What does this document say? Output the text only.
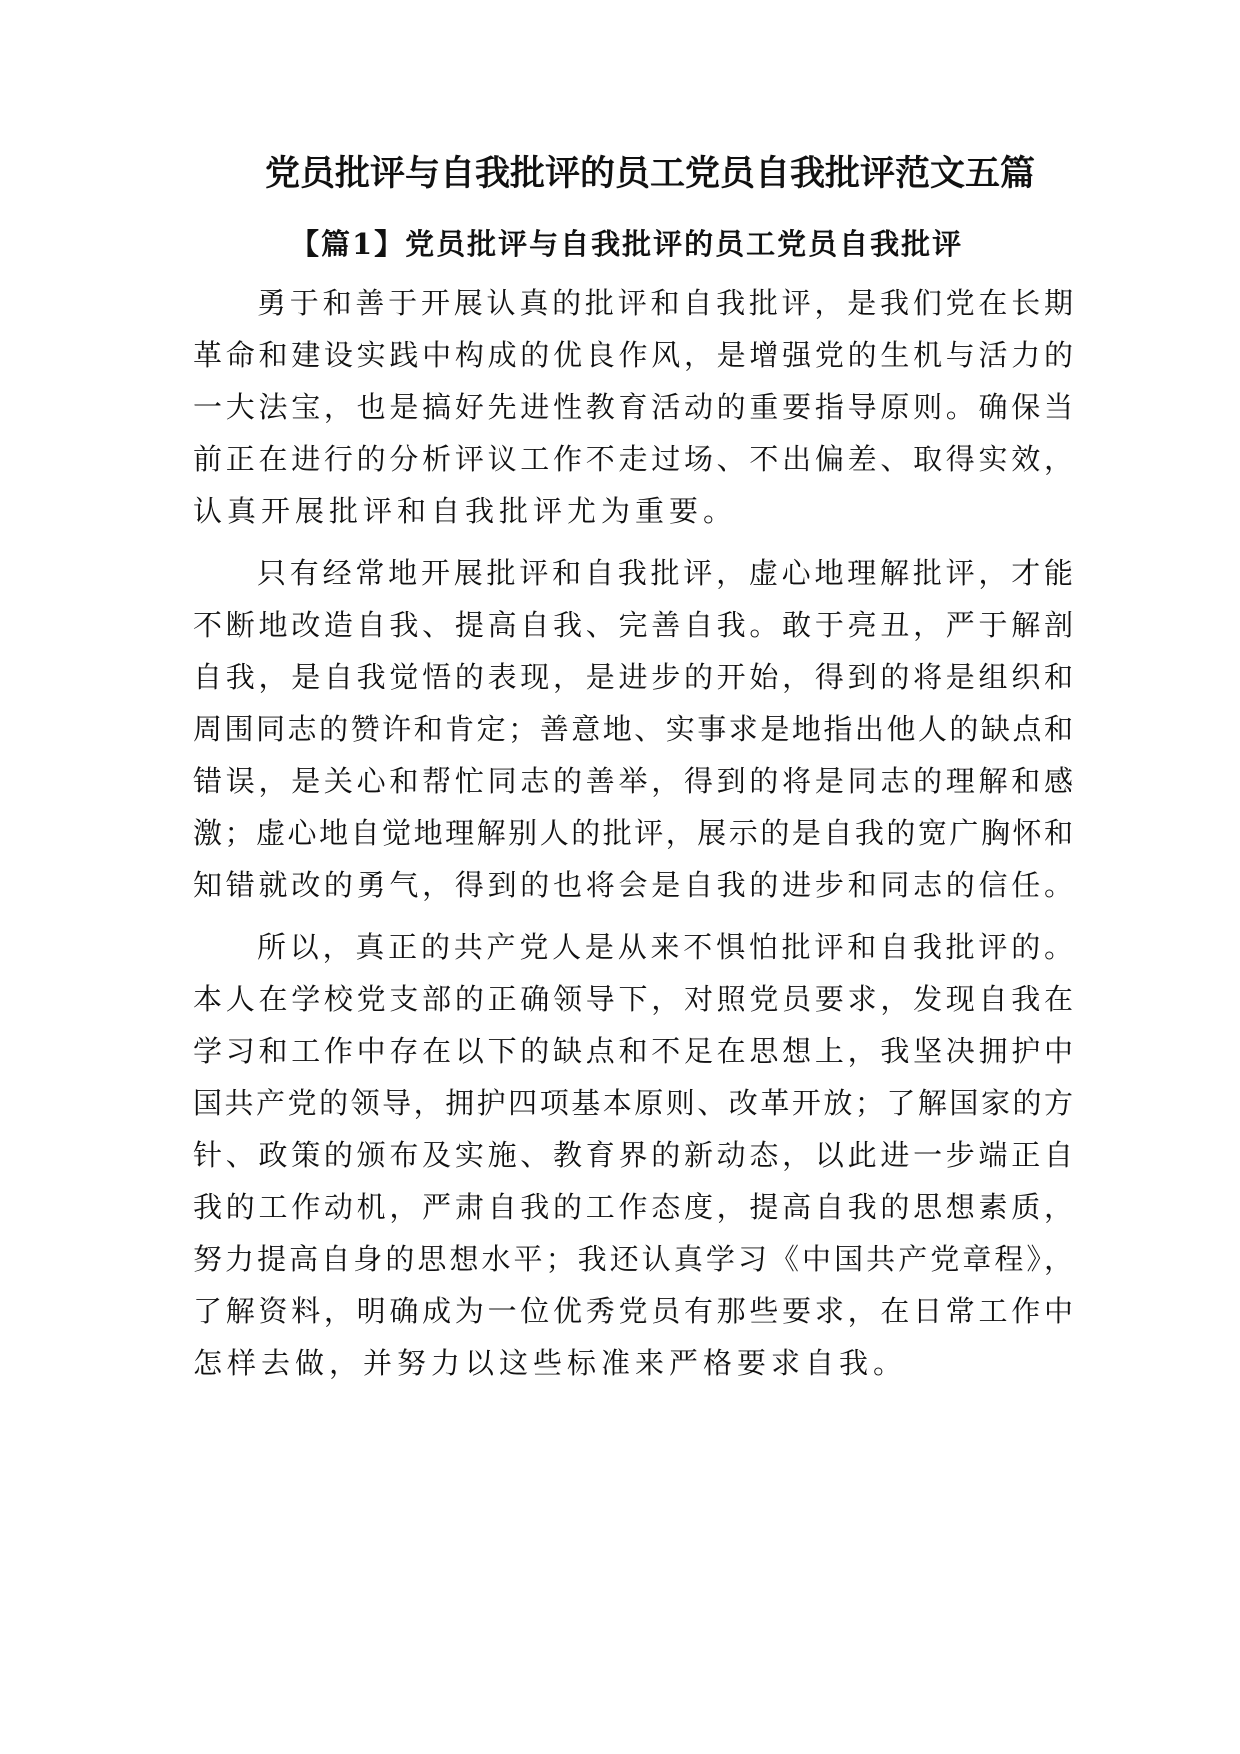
党员批评与自我批评的员工党员自我批评范文五篇
【篇1】党员批评与自我批评的员工党员自我批评

勇于和善于开展认真的批评和自我批评，是我们党在长期
革命和建设实践中构成的优良作风，是增强党的生机与活力的
一大法宝，也是搞好先进性教育活动的重要指导原则。确保当
前正在进行的分析评议工作不走过场、不出偏差、取得实效，
认真开展批评和自我批评尤为重要。

只有经常地开展批评和自我批评，虚心地理解批评，才能
不断地改造自我、提高自我、完善自我。敢于亮丑，严于解剖
自我，是自我觉悟的表现，是进步的开始，得到的将是组织和
周围同志的赞许和肯定；善意地、实事求是地指出他人的缺点和
错误，是关心和帮忙同志的善举，得到的将是同志的理解和感
激；虚心地自觉地理解别人的批评，展示的是自我的宽广胸怀和
知错就改的勇气，得到的也将会是自我的进步和同志的信任。

所以，真正的共产党人是从来不惧怕批评和自我批评的。
本人在学校党支部的正确领导下，对照党员要求，发现自我在
学习和工作中存在以下的缺点和不足在思想上，我坚决拥护中
国共产党的领导，拥护四项基本原则、改革开放；了解国家的方
针、政策的颁布及实施、教育界的新动态，以此进一步端正自
我的工作动机，严肃自我的工作态度，提高自我的思想素质，
努力提高自身的思想水平；我还认真学习《中国共产党章程》，
了解资料，明确成为一位优秀党员有那些要求，在日常工作中
怎样去做，并努力以这些标准来严格要求自我。
